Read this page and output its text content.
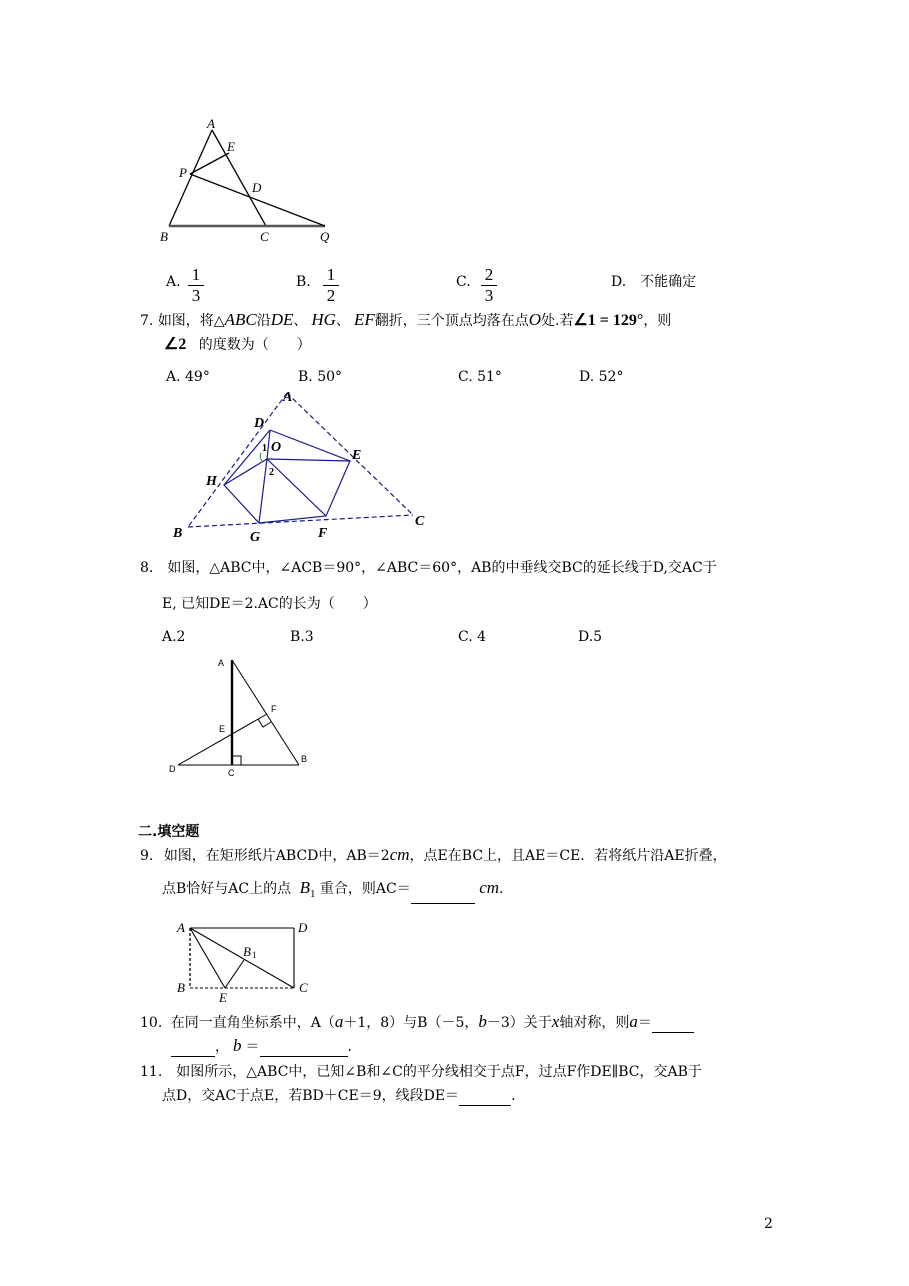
A
E
P
D
B	C	Q
A. 1
3
B. 1
2
C. 2
3
D.　不能确定
7. 如图，将△ABC沿DE、 HG、 EF翻折，三个顶点均落在点O处.若∠1 = 129°，则
∠2 的度数为（　　）
A. 49°	B. 50°	C. 51°	D. 52°
A
D
O
1
2
E
H
B	G	F
C
8.　如图，△ABC中，∠ACB＝90°，∠ABC＝60°，AB的中垂线交BC的延长线于D,交AC于
E, 已知DE＝2.AC的长为（　　）
A.2	B.3	C. 4	D.5
A
F
E
B
D	C
二.填空题
9. 如图，在矩形纸片ABCD中，AB＝2cm，点E在BC上，且AE＝CE．若将纸片沿AE折叠，
点B恰好与AC上的点 $B_1$ 重合，则AC＝	cm.
A	D
B 1
B
E
C
10. 在同一直角坐标系中，A（a＋1，8）与B（－5，b－3）关于x轴对称，则a＝
， b ＝	.
11.　如图所示，△ABC中，已知∠B和∠C的平分线相交于点F，过点F作DE∥BC，交AB于
点D，交AC于点E，若BD＋CE＝9，线段DE＝	.
2
